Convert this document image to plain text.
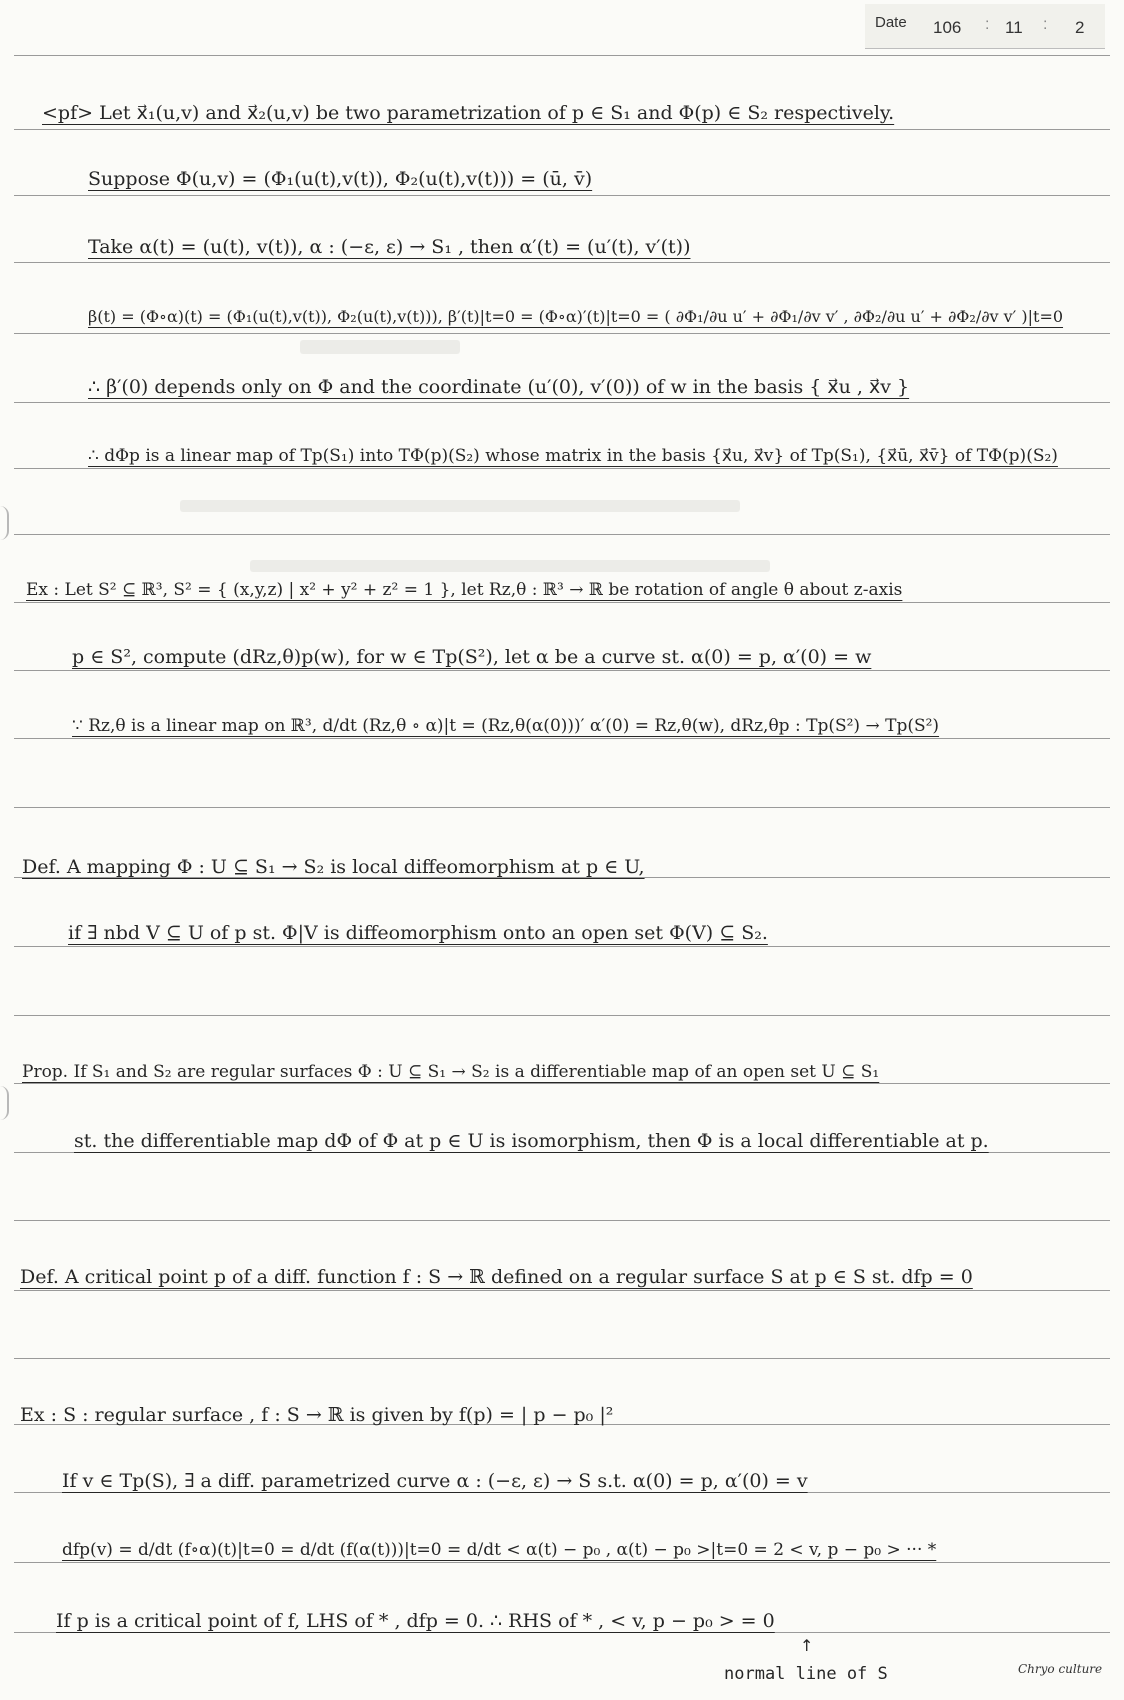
Date 106 : 11 : 2
<pf> Let x⃗₁(u,v) and x⃗₂(u,v) be two parametrization of p ∈ S₁ and Φ(p) ∈ S₂ respectively.
Suppose Φ(u,v) = (Φ₁(u(t),v(t)), Φ₂(u(t),v(t))) = (ū, v̄)
Take α(t) = (u(t), v(t)), α : (−ε, ε) → S₁ , then α′(t) = (u′(t), v′(t))
β(t) = (Φ∘α)(t) = (Φ₁(u(t),v(t)), Φ₂(u(t),v(t))), β′(t)|t=0 = (Φ∘α)′(t)|t=0 = ( ∂Φ₁/∂u u′ + ∂Φ₁/∂v v′ , ∂Φ₂/∂u u′ + ∂Φ₂/∂v v′ )|t=0
∴ β′(0) depends only on Φ and the coordinate (u′(0), v′(0)) of w in the basis { x⃗u , x⃗v }
∴ dΦp is a linear map of Tp(S₁) into TΦ(p)(S₂) whose matrix in the basis {x⃗u, x⃗v} of Tp(S₁), {x⃗ū, x⃗v̄} of TΦ(p)(S₂)
Ex : Let S² ⊆ ℝ³, S² = { (x,y,z) | x² + y² + z² = 1 }, let Rz,θ : ℝ³ → ℝ be rotation of angle θ about z-axis
p ∈ S², compute (dRz,θ)p(w), for w ∈ Tp(S²), let α be a curve st. α(0) = p, α′(0) = w
∵ Rz,θ is a linear map on ℝ³, d/dt (Rz,θ ∘ α)|t = (Rz,θ(α(0)))′ α′(0) = Rz,θ(w), dRz,θp : Tp(S²) → Tp(S²)
Def. A mapping Φ : U ⊆ S₁ → S₂ is local diffeomorphism at p ∈ U,
if ∃ nbd V ⊆ U of p st. Φ|V is diffeomorphism onto an open set Φ(V) ⊆ S₂.
Prop. If S₁ and S₂ are regular surfaces Φ : U ⊆ S₁ → S₂ is a differentiable map of an open set U ⊆ S₁
st. the differentiable map dΦ of Φ at p ∈ U is isomorphism, then Φ is a local differentiable at p.
Def. A critical point p of a diff. function f : S → ℝ defined on a regular surface S at p ∈ S st. dfp = 0
Ex : S : regular surface , f : S → ℝ is given by f(p) = | p − p₀ |²
If v ∈ Tp(S), ∃ a diff. parametrized curve α : (−ε, ε) → S s.t. α(0) = p, α′(0) = v
dfp(v) = d/dt (f∘α)(t)|t=0 = d/dt (f(α(t)))|t=0 = d/dt < α(t) − p₀ , α(t) − p₀ >|t=0 = 2 < v, p − p₀ > ··· *
If p is a critical point of f, LHS of * , dfp = 0. ∴ RHS of * , < v, p − p₀ > = 0
↑
normal line of S	Chryo culture
